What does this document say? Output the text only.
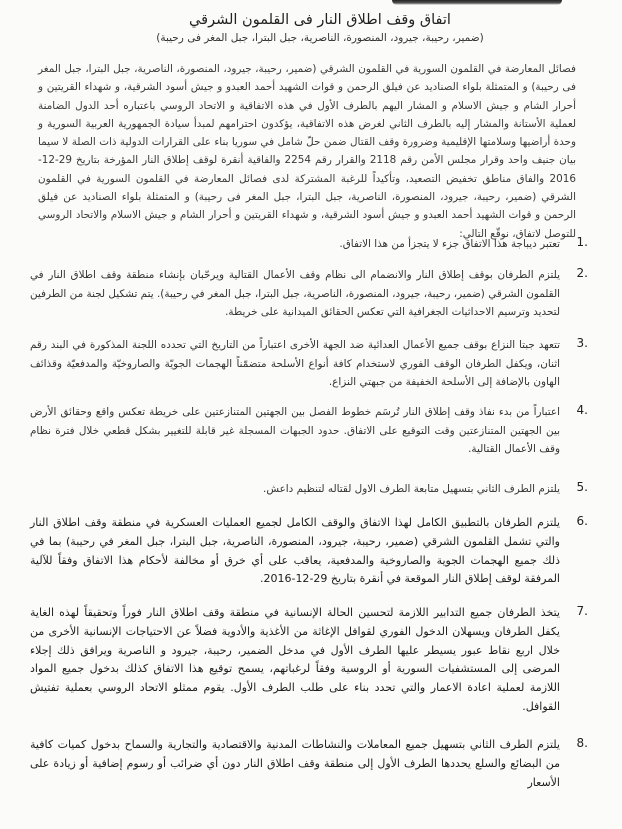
اتفاق وقف اطلاق النار فى القلمون الشرقي
(ضمير، رحيبة، جيرود، المنصورة، الناصرية، جبل البترا، جبل المغر فى رحيبة)
فصائل المعارضة في القلمون السورية في القلمون الشرقي (ضمير، رحيبة، جيرود، المنصورة، الناصرية، جبل البترا، جبل المغر فى رحيبة) و المتمثلة بلواء الصناديد عن فيلق الرحمن و قوات الشهيد أحمد العبدو و جيش أسود الشرقية، و شهداء القريتين و أحرار الشام و جيش الاسلام و المشار اليهم بالطرف الأول في هذه الاتفاقية و الاتحاد الروسي باعتباره أحد الدول الضامنة لعملية الأستانة والمشار إليه بالطرف الثاني لغرض هذه الاتفاقية، يؤكدون احترامهم لمبدأ سيادة الجمهورية العربية السورية و وحدة أراضيها وسلامتها الإقليمية وضرورة وقف القتال ضمن حلّ شامل في سوريا بناء على القرارات الدولية ذات الصلة لا سيما بيان جنيف واحد وقرار مجلس الأمن رقم 2118 والقرار رقم 2254 والفاقية أنقرة لوقف إطلاق النار المؤرخة بتاريخ 29-12-2016 والفاق مناطق تخفيض التصعيد، وتأكيداً للرغبة المشتركة لدى فصائل المعارضة في القلمون السورية في القلمون الشرقي (ضمير، رحيبة، جيرود، المنصورة، الناصرية، جبل البترا، جبل المغر فى رحيبة) و المتمثلة بلواء الصناديد عن فيلق الرحمن و قوات الشهيد أحمد العبدو و جيش أسود الشرقية، و شهداء القريتين و أحرار الشام و جيش الاسلام والاتحاد الروسي للتوصل لاتفاق، نوقّع التالي:
1.
تعتبر ديباجة هذا الاتفاق جزء لا يتجزأ من هذا الاتفاق.
2.
يلتزم الطرفان بوقف إطلاق النار والانضمام الى نظام وقف الأعمال القتالية ويرحّبان بإنشاء منطقة وقف اطلاق النار في القلمون الشرقي (ضمير، رحيبة، جيرود، المنصورة، الناصرية، جبل البترا، جبل المغر في رحيبة). يتم تشكيل لجنة من الطرفين لتحديد وترسيم الاحداثيات الجغرافية التي تعكس الحقائق الميدانية على خريطة.
3.
تتعهد جبتا النزاع بوقف جميع الأعمال العدائية ضد الجهة الأخرى اعتباراً من التاريخ التي تحدده اللجنة المذكورة في البند رقم اثنان، ويكفل الطرفان الوقف الفوري لاستخدام كافة أنواع الأسلحة متضمّناً الهجمات الجويّة والصاروخيّة والمدفعيّة وقذائف الهاون بالإضافة إلى الأسلحة الخفيفة من جبهتي النزاع.
4.
اعتباراً من بدء نفاذ وقف إطلاق النار تُرسَم خطوط الفصل بين الجهتين المتنازعتين على خريطة تعكس واقع وحقائق الأرض بين الجهتين المتنازعتين وقت التوقيع على الاتفاق. حدود الجبهات المسجلة غير قابلة للتغيير بشكل قطعي خلال فترة نظام وقف الأعمال القتالية.
5.
يلتزم الطرف الثاني بتسهيل متابعة الطرف الاول لقتاله لتنظيم داعش.
6.
يلتزم الطرفان بالتطبيق الكامل لهذا الاتفاق والوقف الكامل لجميع العمليات العسكرية في منطقة وقف اطلاق النار والتي تشمل القلمون الشرقي (ضمير، رحيبة، جيرود، المنصورة، الناصرية، جبل البترا، جبل المغر في رحيبة) بما في ذلك جميع الهجمات الجوية والصاروخية والمدفعية، يعاقب على أي خرق أو مخالفة لأحكام هذا الاتفاق وفقاً للآلية المرفقة لوقف إطلاق النار الموقعة في أنقرة بتاريخ 29-12-2016.
7.
يتخذ الطرفان جميع التدابير اللازمة لتحسين الحالة الإنسانية في منطقة وقف اطلاق النار فوراً وتحقيقاً لهذه الغاية يكفل الطرفان ويسهلان الدخول الفوري لقوافل الإغاثة من الأغذية والأدوية فضلاً عن الاحتياجات الإنسانية الأخرى من خلال اربع نقاط عبور يسيطر عليها الطرف الأول في مدخل الضمير، رحيبة، جيرود و الناصرية ويرافق ذلك إجلاء المرضى إلى المستشفيات السورية أو الروسية وفقاً لرغباتهم، يسمح توقيع هذا الاتفاق كذلك بدخول جميع المواد اللازمة لعملية اعادة الاعمار والتي تحدد بناء على طلب الطرف الأول. يقوم ممثلو الاتحاد الروسي بعملية تفتيش القوافل.
8.
يلتزم الطرف الثاني بتسهيل جميع المعاملات والنشاطات المدنية والاقتصادية والتجارية والسماح بدخول كميات كافية من البضائع والسلع يحددها الطرف الأول إلى منطقة وقف اطلاق النار دون أي ضرائب أو رسوم إضافية أو زيادة على الأسعار
